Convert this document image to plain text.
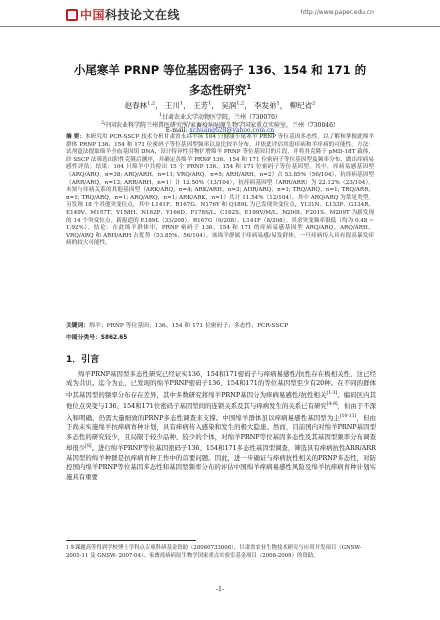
中国科技论文在线	http://www.paper.edu.cn
小尾寒羊 PRNP 等位基因密码子 136、154 和 171 的
多态性研究$^1$
赵春林$^{1,2}$， 王川$^1$， 王芳$^1$， 吴润$^{1,2}$， 李发弟$^1$， 柳纪省$^2$
$^1$甘肃农业大学动物医学院，兰州（730070）
$^2$中国农业科学院兰州兽医研究所/家畜疫病病原生物学国家重点实验室，兰州（730046）
E-mail: xchuang628@yahoo.com.cn
摘 要：本研究用 PCR-SSCP 技术分析甘肃省永昌羊场 104 只健康小尾寒羊 PRNP 等位基因多态性，以了解和掌握此绵羊群体 PRNP 136、154 和 171 位密码子等位基因型频率以及比较羊分布，并依此评估其患痒病和羊痒病的可能性。方法：试剂盒法提取绵羊全血基因组 DNA，设计特异性引物扩增绵羊 PRNP 等位基因目的片段，并将其克隆于 pMD-18T 载体，经 SSCP 法筛选出阳性克隆后测序，并确定各绵羊 PRNP 136、154 和 171 位密码子等位基因型及频率分布，做出痒病易感性评估。结果：104 只绵羊中共检出 15 个 PRNP 136、154 和 171 位密码子等位基因型。其中，痒病易感基因型（ARQ/ARQ，n=38; ARQ/ARH，n=11; VRQ/ARQ，n=5; ARH/ARH，n=2）占 53.85%（56/104），抗痒病基因型（ARR/ARQ，n=12; ARR/ARH，n=1）计 12.50%（13/104），抗痒病基因型（ARR/ARR）为 22.12%（23/104）。未知与痒病关系的其他基因型（ARK/ARQ，n=4; ARK/ARH，n=2; AHR/ARQ，n=1; TRQ/ARQ，n=1; TRQ/ARR，n=1; TRQ/ARQ，n=1; ARQ/ARQ，n=1; ARK/ARK，n=1）共计 11.54%（12/104）。其中 ARQ/ARQ 为常见类型。另发现 18 个其他突变位点，其中 L141F、R167G、N176Y 和 Q189L 为已发现突变位点，Y131N、L133P、G134R、E149V、M157T、Y158H、N162P、Y166D、F178S/L、C182S、E199V/M/L、N200I、F201S、M209T 为新发现的 14 个突变位点。新报道的 E189L（33/208）、R167G（9/208）、L141F（8/208）。其余突变频率很低（均为 0.48 ~ 1.92%）。结论：在此绵羊群体中，PRNP 密码子 136、154 和 171 的痒病易感基因型 ARQ/ARQ、ARQ/ARH、VRQ/ARQ 和 ARH/ARH 占优势（53.85%，56/104），该绵羊群属于痒病易感/易发群体，一旦痒病传入具有很高暴发痒病的较大可能性。
关键词：绵羊；PRNP 等位基因；136、154 和 171 位密码子；多态性；PCR-SSCP
中图分类号：S862.65
1．引言
绵羊PRNP基因型多态性研究已经证实136、154和171密码子与痒病易感性/抗性存在极相关性，这已经成为共识。迄今为止，已发现的绵羊PRNP密码子136、154和171的等位基因型至少有20种。在不同的群体中其基因型的频率分布存在差异，其中多数研究将绵羊PRNP基因分为痒病易感性/抗性相关[1-3]。编码区内其他位点突变与136、154和171位密码子基因型间的连锁关系及其与痒病发生的关系已有研究[4-9]，但由于不深入和明确，仍需大量细致的PRNP多态性调查来支撑。中国绵羊群体虽以痒病易感性基因型为主[10-11]，但由于尚未实施绵羊抗痒病育种计划，具有痒病传入感染和发生的极大隐患。然而，目前国内对绵羊PRNP基因型多态性的研究较少，且局限于较少品种、较少的个体，对绵羊PRNP等位基因多态性及其基因型频率分布调查却很少[8]。进行绵羊PRNP等位基因密码子136、154和171多态性基因型调查，筛选具有痒病抗性ARR/ARR基因型的绵羊种群是抗痒病育种工作中的首要问题。因此，进一步确证与痒病抗性相关的PRNP多态性，对防控国内绵羊PRNP等位基因多态性和基因型频率分布的评估中国绵羊痒病易感性风险及绵羊抗痒病育种计划实施具有重要
1本课题高等得到学校博士学科点专项科研基金资助（20060733006），甘肃省农业生物技术研究与应用开发项目（GNSW- 2005-11 及 GNSW- 2007-04）、家畜疫病病原生物学国家重点实验室基金项目（2008-2009）的资助。
-1-
